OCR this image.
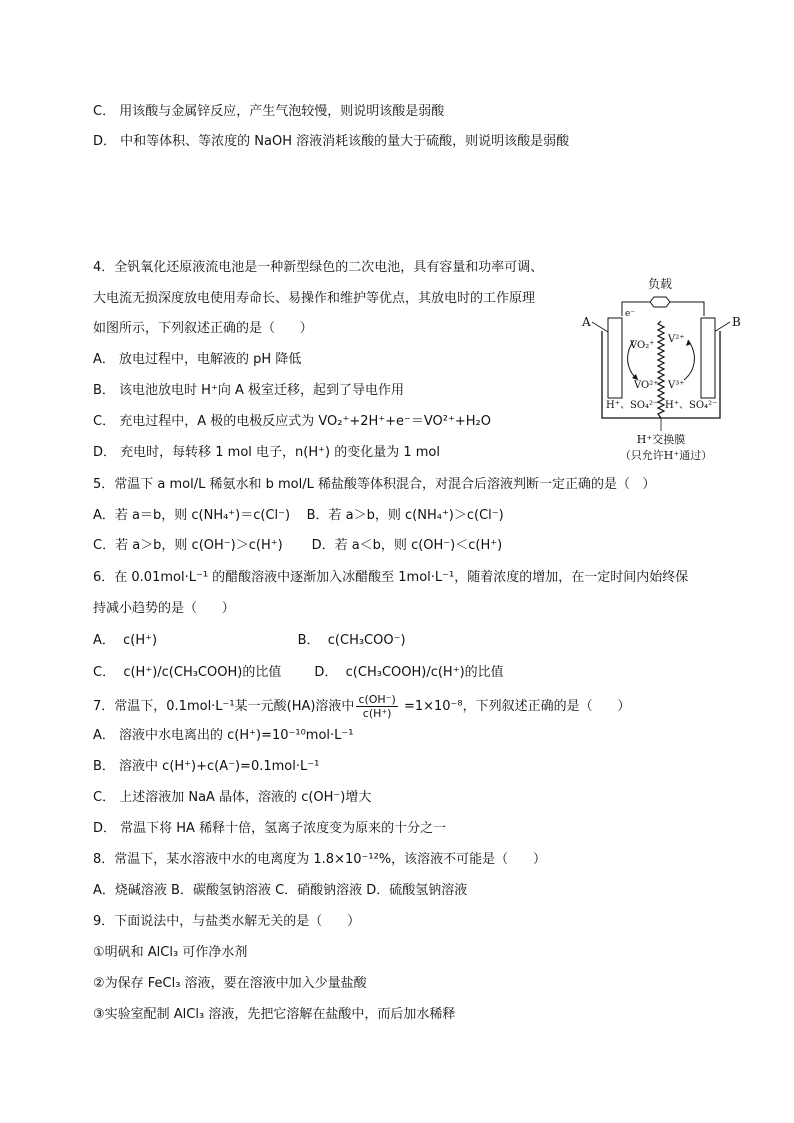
C． 用该酸与金属锌反应，产生气泡较慢，则说明该酸是弱酸
D． 中和等体积、等浓度的 NaOH 溶液消耗该酸的量大于硫酸，则说明该酸是弱酸
4．全钒氧化还原液流电池是一种新型绿色的二次电池，具有容量和功率可调、
大电流无损深度放电使用寿命长、易操作和维护等优点，其放电时的工作原理
如图所示，下列叙述正确的是（      ）
A． 放电过程中，电解液的 pH 降低
B． 该电池放电时 H⁺向 A 极室迁移，起到了导电作用
C． 充电过程中，A 极的电极反应式为 VO₂⁺+2H⁺+e⁻＝VO²⁺+H₂O
D． 充电时，每转移 1 mol 电子，n(H⁺) 的变化量为 1 mol
5．常温下 a mol/L 稀氨水和 b mol/L 稀盐酸等体积混合，对混合后溶液判断一定正确的是（   ）
A．若 a＝b，则 c(NH₄⁺)＝c(Cl⁻)    B．若 a＞b，则 c(NH₄⁺)＞c(Cl⁻)
C．若 a＞b，则 c(OH⁻)＞c(H⁺)       D．若 a＜b，则 c(OH⁻)＜c(H⁺)
6．在 0.01mol·L⁻¹ 的醋酸溶液中逐渐加入冰醋酸至 1mol·L⁻¹，随着浓度的增加，在一定时间内始终保
持减小趋势的是（      ）
A．  c(H⁺)                                  B．  c(CH₃COO⁻)
C．  c(H⁺)/c(CH₃COOH)的比值        D．  c(CH₃COOH)/c(H⁺)的比值
7．常温下，0.1mol·L⁻¹某一元酸(HA)溶液中 $\frac{c(OH^-)}{c(H^+)} =1\times 10^{-8}$，下列叙述正确的是（      ）
A． 溶液中水电离出的 c(H⁺)=10⁻¹⁰mol·L⁻¹
B． 溶液中 c(H⁺)+c(A⁻)=0.1mol·L⁻¹
C． 上述溶液加 NaA 晶体，溶液的 c(OH⁻)增大
D． 常温下将 HA 稀释十倍，氢离子浓度变为原来的十分之一
8．常温下，某水溶液中水的电离度为 1.8×10⁻¹²%，该溶液不可能是（      ）
A．烧碱溶液 B．碳酸氢钠溶液 C．硝酸钠溶液 D．硫酸氢钠溶液
9．下面说法中，与盐类水解无关的是（      ）
①明矾和 AlCl₃ 可作净水剂
②为保存 FeCl₃ 溶液，要在溶液中加入少量盐酸
③实验室配制 AlCl₃ 溶液，先把它溶解在盐酸中，而后加水稀释
负载
e⁻
A	B
VO₂⁺
VO²⁺
V²⁺
V³⁺
H⁺、SO₄²⁻ H⁺、SO₄²⁻
H⁺交换膜
（只允许H⁺通过）
